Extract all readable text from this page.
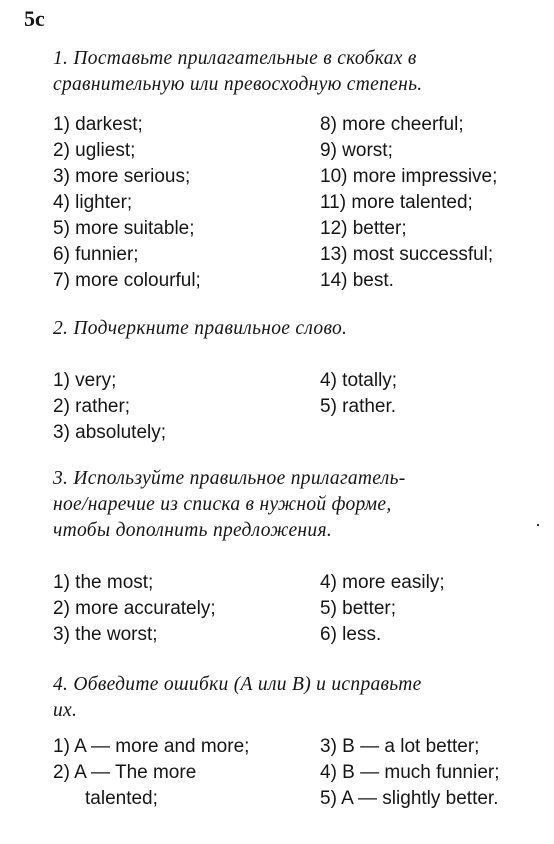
5c
1. Поставьте прилагательные в скобках в
сравнительную или превосходную степень.
1) darkest;
2) ugliest;
3) more serious;
4) lighter;
5) more suitable;
6) funnier;
7) more colourful;
8) more cheerful;
9) worst;
10) more impressive;
11) more talented;
12) better;
13) most successful;
14) best.
2. Подчеркните правильное слово.
1) very;
2) rather;
3) absolutely;
4) totally;
5) rather.
3. Используйте правильное прилагатель-
ное/наречие из списка в нужной форме,
чтобы дополнить предложения.
1) the most;
2) more accurately;
3) the worst;
4) more easily;
5) better;
6) less.
4. Обведите ошибки (А или В) и исправьте
их.
1) A — more and more;
2) A — The more
talented;
3) B — a lot better;
4) B — much funnier;
5) A — slightly better.
